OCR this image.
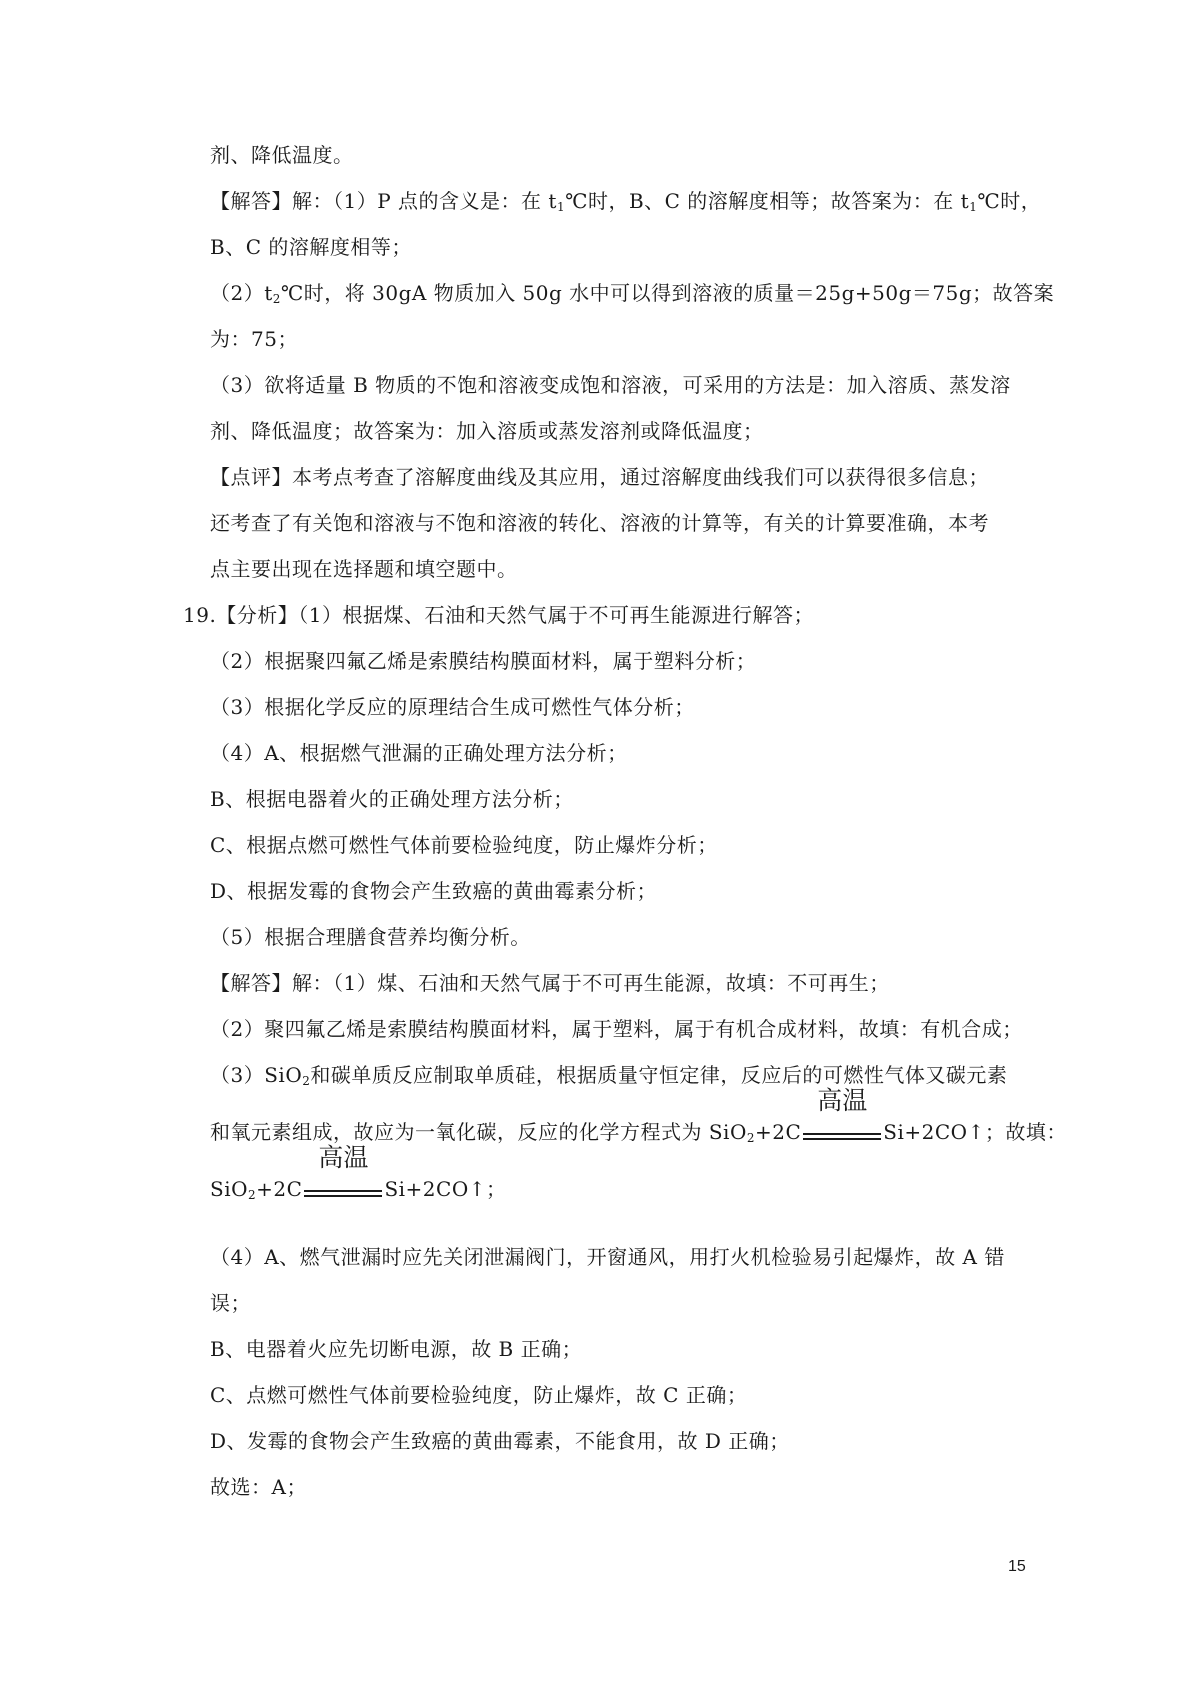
剂、降低温度。
【解答】解：（1）P 点的含义是：在 $t_1℃$时，B、C 的溶解度相等；故答案为：在 $t_1℃$时，
B、C 的溶解度相等；
$(2)t_2℃$时，将 30gA 物质加入 50g 水中可以得到溶液的质量＝25g+50g＝75g；故答案
为：75；
（3）欲将适量 B 物质的不饱和溶液变成饱和溶液，可采用的方法是：加入溶质、蒸发溶
剂、降低温度；故答案为：加入溶质或蒸发溶剂或降低温度；
【点评】本考点考查了溶解度曲线及其应用，通过溶解度曲线我们可以获得很多信息；
还考查了有关饱和溶液与不饱和溶液的转化、溶液的计算等，有关的计算要准确，本考
点主要出现在选择题和填空题中。
19.【分析】（1）根据煤、石油和天然气属于不可再生能源进行解答；
（2）根据聚四氟乙烯是索膜结构膜面材料，属于塑料分析；
（3）根据化学反应的原理结合生成可燃性气体分析；
（4）A、根据燃气泄漏的正确处理方法分析；
B、根据电器着火的正确处理方法分析；
C、根据点燃可燃性气体前要检验纯度，防止爆炸分析；
D、根据发霉的食物会产生致癌的黄曲霉素分析；
（5）根据合理膳食营养均衡分析。
【解答】解：（1）煤、石油和天然气属于不可再生能源，故填：不可再生；
（2）聚四氟乙烯是索膜结构膜面材料，属于塑料，属于有机合成材料，故填：有机合成；
（3）SiO$_2$和碳单质反应制取单质硅，根据质量守恒定律，反应后的可燃性气体又碳元素
和氧元素组成，故应为一氧化碳，反应的化学方程式为 SiO$_2$+2C
高温
Si+2CO↑；故填：
SiO$_2$+2C
高温
Si+2CO↑；
（4）A、燃气泄漏时应先关闭泄漏阀门，开窗通风，用打火机检验易引起爆炸，故 A 错
误；
B、电器着火应先切断电源，故 B 正确；
C、点燃可燃性气体前要检验纯度，防止爆炸，故 C 正确；
D、发霉的食物会产生致癌的黄曲霉素，不能食用，故 D 正确；
故选：A；
15
